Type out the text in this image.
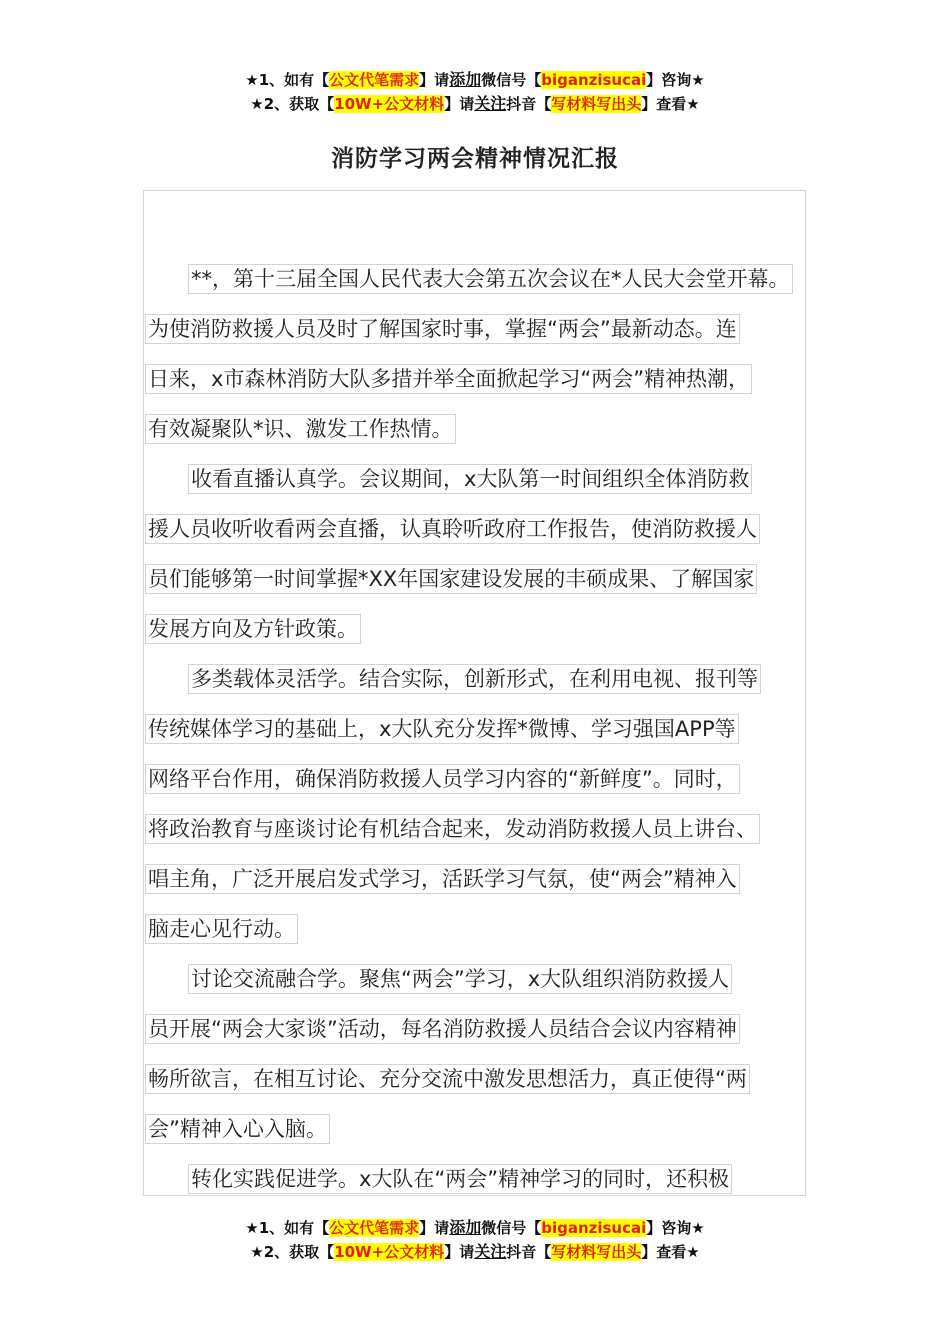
★1、如有【公文代笔需求】请添加微信号【biganzisucai】咨询★
★2、获取【10W+公文材料】请关注抖音【写材料写出头】查看★
消防学习两会精神情况汇报
**，第十三届全国人民代表大会第五次会议在*人民大会堂开幕。
为使消防救援人员及时了解国家时事，掌握“两会”最新动态。连
日来，x市森林消防大队多措并举全面掀起学习“两会”精神热潮，
有效凝聚队*识、激发工作热情。
收看直播认真学。会议期间，x大队第一时间组织全体消防救
援人员收听收看两会直播，认真聆听政府工作报告，使消防救援人
员们能够第一时间掌握*XX年国家建设发展的丰硕成果、了解国家
发展方向及方针政策。
多类载体灵活学。结合实际，创新形式，在利用电视、报刊等
传统媒体学习的基础上，x大队充分发挥*微博、学习强国APP等
网络平台作用，确保消防救援人员学习内容的“新鲜度”。同时，
将政治教育与座谈讨论有机结合起来，发动消防救援人员上讲台、
唱主角，广泛开展启发式学习，活跃学习气氛，使“两会”精神入
脑走心见行动。
讨论交流融合学。聚焦“两会”学习，x大队组织消防救援人
员开展“两会大家谈”活动，每名消防救援人员结合会议内容精神
畅所欲言，在相互讨论、充分交流中激发思想活力，真正使得“两
会”精神入心入脑。
转化实践促进学。x大队在“两会”精神学习的同时，还积极
★1、如有【公文代笔需求】请添加微信号【biganzisucai】咨询★
★2、获取【10W+公文材料】请关注抖音【写材料写出头】查看★
